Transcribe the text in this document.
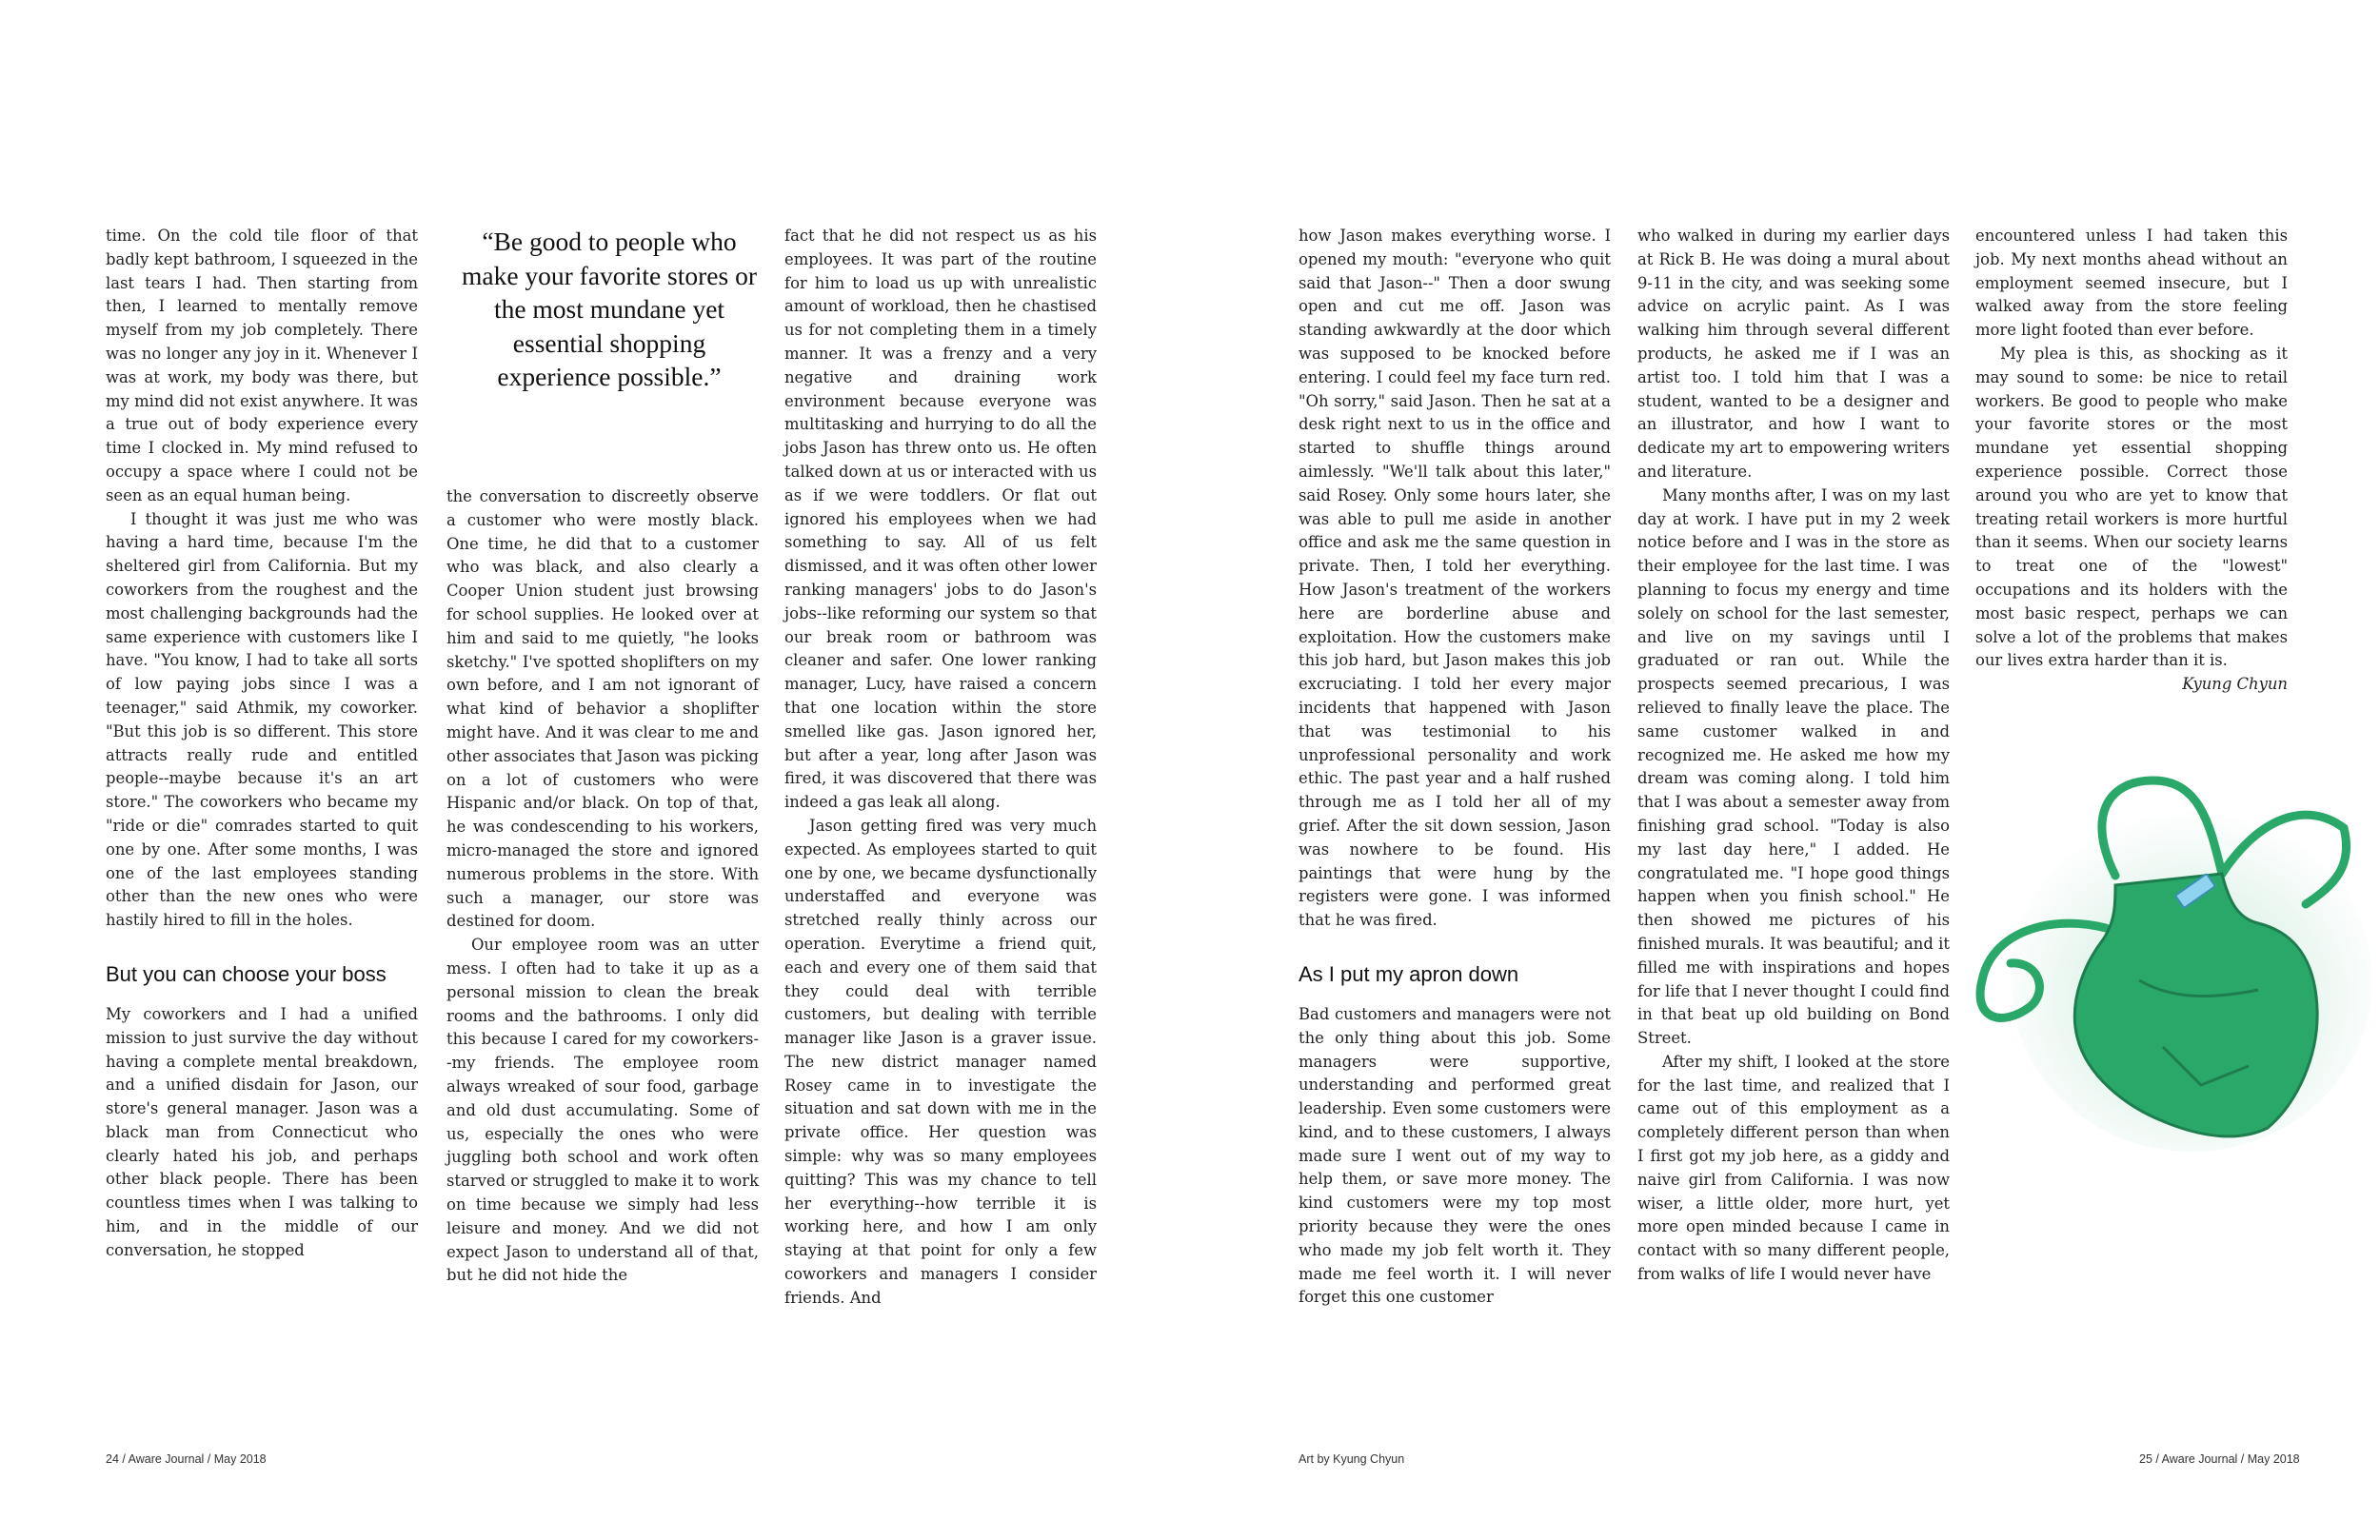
time. On the cold tile floor of that badly kept bathroom, I squeezed in the last tears I had. Then starting from then, I learned to mentally remove myself from my job completely. There was no longer any joy in it. Whenever I was at work, my body was there, but my mind did not exist anywhere. It was a true out of body experience every time I clocked in. My mind refused to occupy a space where I could not be seen as an equal human being.

I thought it was just me who was having a hard time, because I'm the sheltered girl from California. But my coworkers from the roughest and the most challenging backgrounds had the same experience with customers like I have. "You know, I had to take all sorts of low paying jobs since I was a teenager," said Athmik, my coworker. "But this job is so different. This store attracts really rude and entitled people--maybe because it's an art store." The coworkers who became my "ride or die" comrades started to quit one by one. After some months, I was one of the last employees standing other than the new ones who were hastily hired to fill in the holes.

But you can choose your boss

My coworkers and I had a unified mission to just survive the day without having a complete mental breakdown, and a unified disdain for Jason, our store's general manager. Jason was a black man from Connecticut who clearly hated his job, and perhaps other black people. There has been countless times when I was talking to him, and in the middle of our conversation, he stopped

“Be good to people who make your favorite stores or the most mundane yet essential shopping experience possible.”

the conversation to discreetly observe a customer who were mostly black. One time, he did that to a customer who was black, and also clearly a Cooper Union student just browsing for school supplies. He looked over at him and said to me quietly, "he looks sketchy." I've spotted shoplifters on my own before, and I am not ignorant of what kind of behavior a shoplifter might have. And it was clear to me and other associates that Jason was picking on a lot of customers who were Hispanic and/or black. On top of that, he was condescending to his workers, micro-managed the store and ignored numerous problems in the store. With such a manager, our store was destined for doom.

Our employee room was an utter mess. I often had to take it up as a personal mission to clean the break rooms and the bathrooms. I only did this because I cared for my coworkers--my friends. The employee room always wreaked of sour food, garbage and old dust accumulating. Some of us, especially the ones who were juggling both school and work often starved or struggled to make it to work on time because we simply had less leisure and money. And we did not expect Jason to understand all of that, but he did not hide the

fact that he did not respect us as his employees. It was part of the routine for him to load us up with unrealistic amount of workload, then he chastised us for not completing them in a timely manner. It was a frenzy and a very negative and draining work environment because everyone was multitasking and hurrying to do all the jobs Jason has threw onto us. He often talked down at us or interacted with us as if we were toddlers. Or flat out ignored his employees when we had something to say. All of us felt dismissed, and it was often other lower ranking managers' jobs to do Jason's jobs--like reforming our system so that our break room or bathroom was cleaner and safer. One lower ranking manager, Lucy, have raised a concern that one location within the store smelled like gas. Jason ignored her, but after a year, long after Jason was fired, it was discovered that there was indeed a gas leak all along.

Jason getting fired was very much expected. As employees started to quit one by one, we became dysfunctionally understaffed and everyone was stretched really thinly across our operation. Everytime a friend quit, each and every one of them said that they could deal with terrible customers, but dealing with terrible manager like Jason is a graver issue. The new district manager named Rosey came in to investigate the situation and sat down with me in the private office. Her question was simple: why was so many employees quitting? This was my chance to tell her everything--how terrible it is working here, and how I am only staying at that point for only a few coworkers and managers I consider friends. And

24 / Aware Journal / May 2018

how Jason makes everything worse. I opened my mouth: "everyone who quit said that Jason--" Then a door swung open and cut me off. Jason was standing awkwardly at the door which was supposed to be knocked before entering. I could feel my face turn red. "Oh sorry," said Jason. Then he sat at a desk right next to us in the office and started to shuffle things around aimlessly. "We'll talk about this later," said Rosey. Only some hours later, she was able to pull me aside in another office and ask me the same question in private. Then, I told her everything. How Jason's treatment of the workers here are borderline abuse and exploitation. How the customers make this job hard, but Jason makes this job excruciating. I told her every major incidents that happened with Jason that was testimonial to his unprofessional personality and work ethic. The past year and a half rushed through me as I told her all of my grief. After the sit down session, Jason was nowhere to be found. His paintings that were hung by the registers were gone. I was informed that he was fired.

As I put my apron down

Bad customers and managers were not the only thing about this job. Some managers were supportive, understanding and performed great leadership. Even some customers were kind, and to these customers, I always made sure I went out of my way to help them, or save more money. The kind customers were my top most priority because they were the ones who made my job felt worth it. They made me feel worth it. I will never forget this one customer

who walked in during my earlier days at Rick B. He was doing a mural about 9-11 in the city, and was seeking some advice on acrylic paint. As I was walking him through several different products, he asked me if I was an artist too. I told him that I was a student, wanted to be a designer and an illustrator, and how I want to dedicate my art to empowering writers and literature.

Many months after, I was on my last day at work. I have put in my 2 week notice before and I was in the store as their employee for the last time. I was planning to focus my energy and time solely on school for the last semester, and live on my savings until I graduated or ran out. While the prospects seemed precarious, I was relieved to finally leave the place. The same customer walked in and recognized me. He asked me how my dream was coming along. I told him that I was about a semester away from finishing grad school. "Today is also my last day here," I added. He congratulated me. "I hope good things happen when you finish school." He then showed me pictures of his finished murals. It was beautiful; and it filled me with inspirations and hopes for life that I never thought I could find in that beat up old building on Bond Street.

After my shift, I looked at the store for the last time, and realized that I came out of this employment as a completely different person than when I first got my job here, as a giddy and naive girl from California. I was now wiser, a little older, more hurt, yet more open minded because I came in contact with so many different people, from walks of life I would never have

encountered unless I had taken this job. My next months ahead without an employment seemed insecure, but I walked away from the store feeling more light footed than ever before.

My plea is this, as shocking as it may sound to some: be nice to retail workers. Be good to people who make your favorite stores or the most mundane yet essential shopping experience possible. Correct those around you who are yet to know that treating retail workers is more hurtful than it seems. When our society learns to treat one of the "lowest" occupations and its holders with the most basic respect, perhaps we can solve a lot of the problems that makes our lives extra harder than it is.

Kyung Chyun

Art by Kyung Chyun	25 / Aware Journal / May 2018
